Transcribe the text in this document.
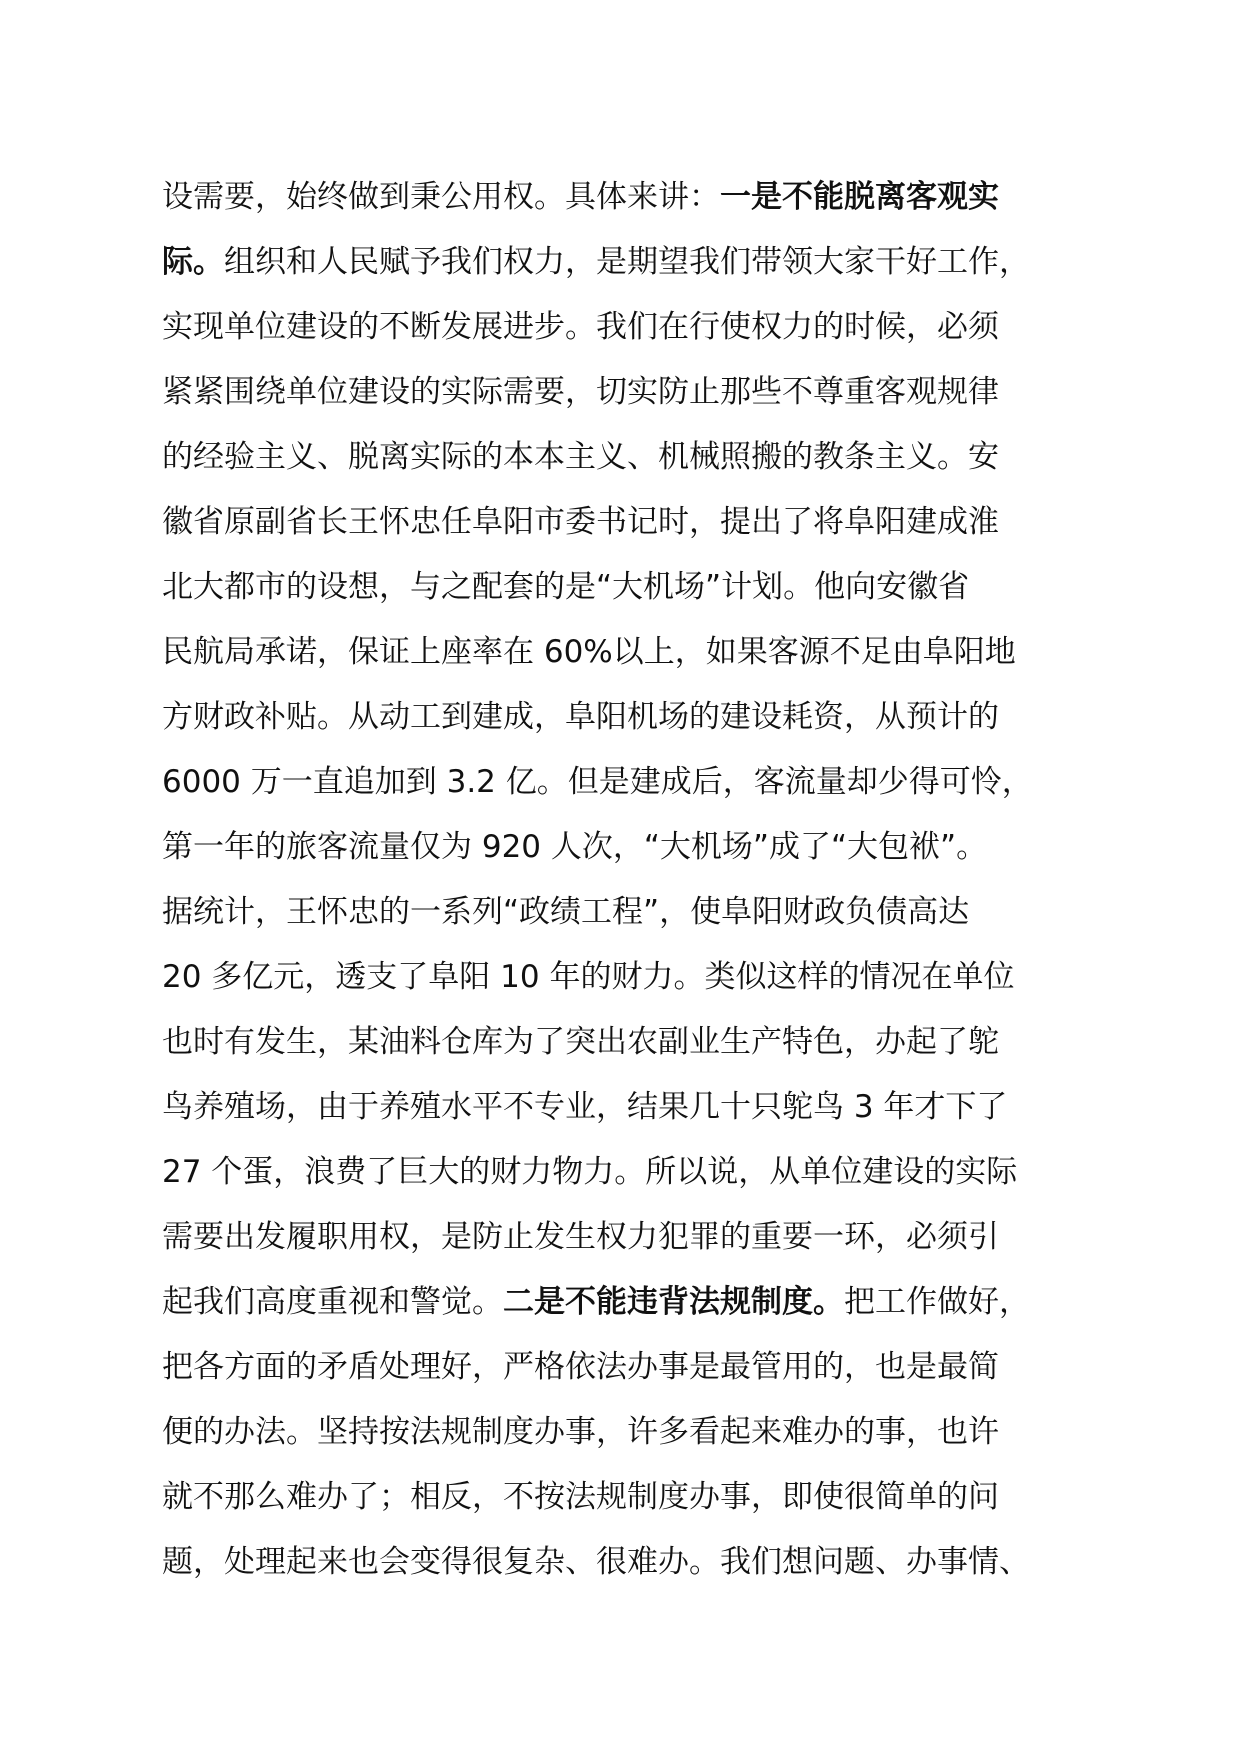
设需要，始终做到秉公用权。具体来讲：一是不能脱离客观实
际。组织和人民赋予我们权力，是期望我们带领大家干好工作，
实现单位建设的不断发展进步。我们在行使权力的时候，必须
紧紧围绕单位建设的实际需要，切实防止那些不尊重客观规律
的经验主义、脱离实际的本本主义、机械照搬的教条主义。安
徽省原副省长王怀忠任阜阳市委书记时，提出了将阜阳建成淮
北大都市的设想，与之配套的是“大机场”计划。他向安徽省
民航局承诺，保证上座率在 60%以上，如果客源不足由阜阳地
方财政补贴。从动工到建成，阜阳机场的建设耗资，从预计的
6000 万一直追加到 3.2 亿。但是建成后，客流量却少得可怜，
第一年的旅客流量仅为 920 人次，“大机场”成了“大包袱”。
据统计，王怀忠的一系列“政绩工程”，使阜阳财政负债高达
20 多亿元，透支了阜阳 10 年的财力。类似这样的情况在单位
也时有发生，某油料仓库为了突出农副业生产特色，办起了鸵
鸟养殖场，由于养殖水平不专业，结果几十只鸵鸟 3 年才下了
27 个蛋，浪费了巨大的财力物力。所以说，从单位建设的实际
需要出发履职用权，是防止发生权力犯罪的重要一环，必须引
起我们高度重视和警觉。二是不能违背法规制度。把工作做好，
把各方面的矛盾处理好，严格依法办事是最管用的，也是最简
便的办法。坚持按法规制度办事，许多看起来难办的事，也许
就不那么难办了；相反，不按法规制度办事，即使很简单的问
题，处理起来也会变得很复杂、很难办。我们想问题、办事情、
